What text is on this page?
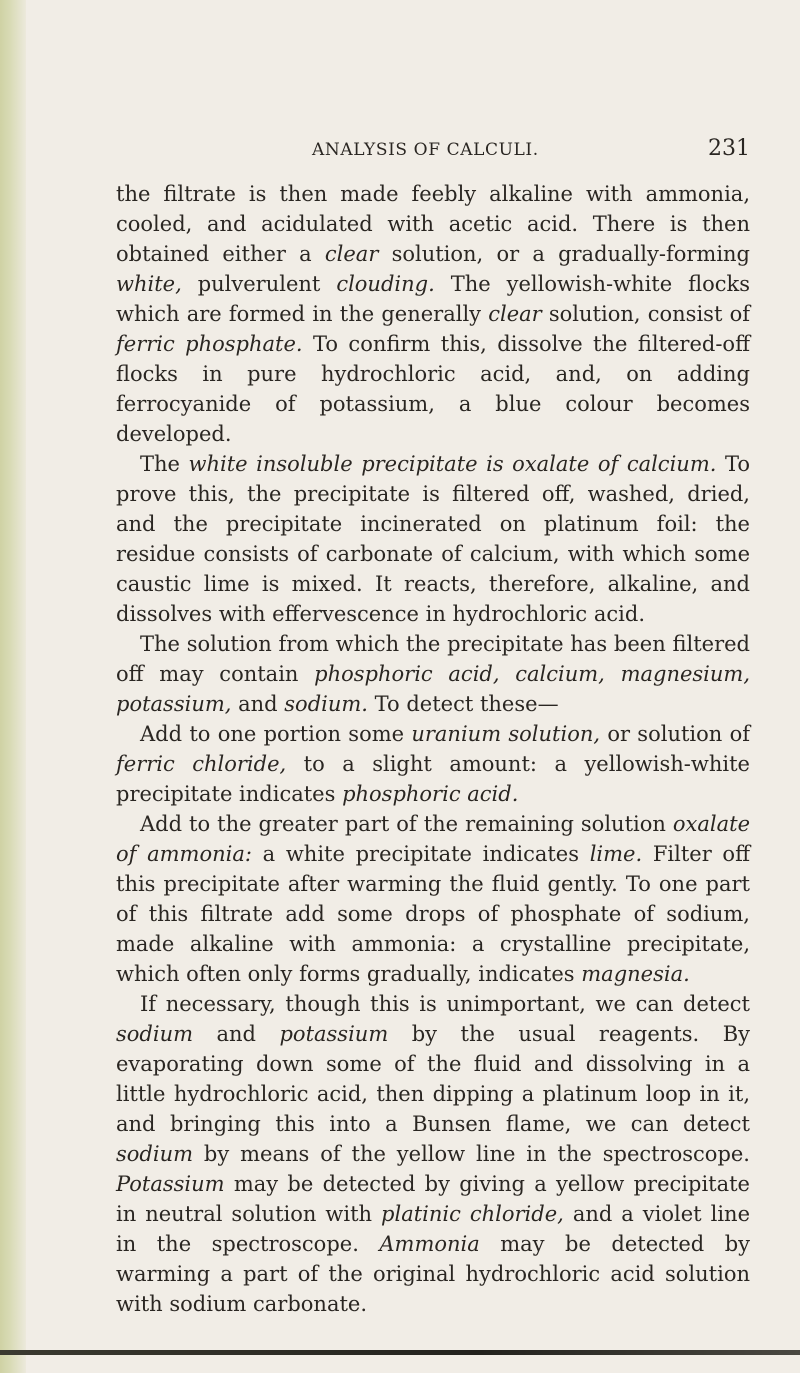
ANALYSIS OF CALCULI.	231

the filtrate is then made feebly alkaline with ammonia, cooled, and acidulated with acetic acid. There is then obtained either a clear solution, or a gradually-forming white, pulverulent clouding. The yellowish-white flocks which are formed in the generally clear solution, consist of ferric phosphate. To confirm this, dissolve the filtered-off flocks in pure hydrochloric acid, and, on adding ferrocyanide of potassium, a blue colour becomes developed.

The white insoluble precipitate is oxalate of calcium. To prove this, the precipitate is filtered off, washed, dried, and the precipitate incinerated on platinum foil: the residue consists of carbonate of calcium, with which some caustic lime is mixed. It reacts, therefore, alkaline, and dissolves with effervescence in hydrochloric acid.

The solution from which the precipitate has been filtered off may contain phosphoric acid, calcium, magnesium, potassium, and sodium. To detect these—

Add to one portion some uranium solution, or solution of ferric chloride, to a slight amount: a yellowish-white precipitate indicates phosphoric acid.

Add to the greater part of the remaining solution oxalate of ammonia: a white precipitate indicates lime. Filter off this precipitate after warming the fluid gently. To one part of this filtrate add some drops of phosphate of sodium, made alkaline with ammonia: a crystalline precipitate, which often only forms gradually, indicates magnesia.

If necessary, though this is unimportant, we can detect sodium and potassium by the usual reagents. By evaporating down some of the fluid and dissolving in a little hydrochloric acid, then dipping a platinum loop in it, and bringing this into a Bunsen flame, we can detect sodium by means of the yellow line in the spectroscope. Potassium may be detected by giving a yellow precipitate in neutral solution with platinic chloride, and a violet line in the spectroscope. Ammonia may be detected by warming a part of the original hydrochloric acid solution with sodium carbonate.
